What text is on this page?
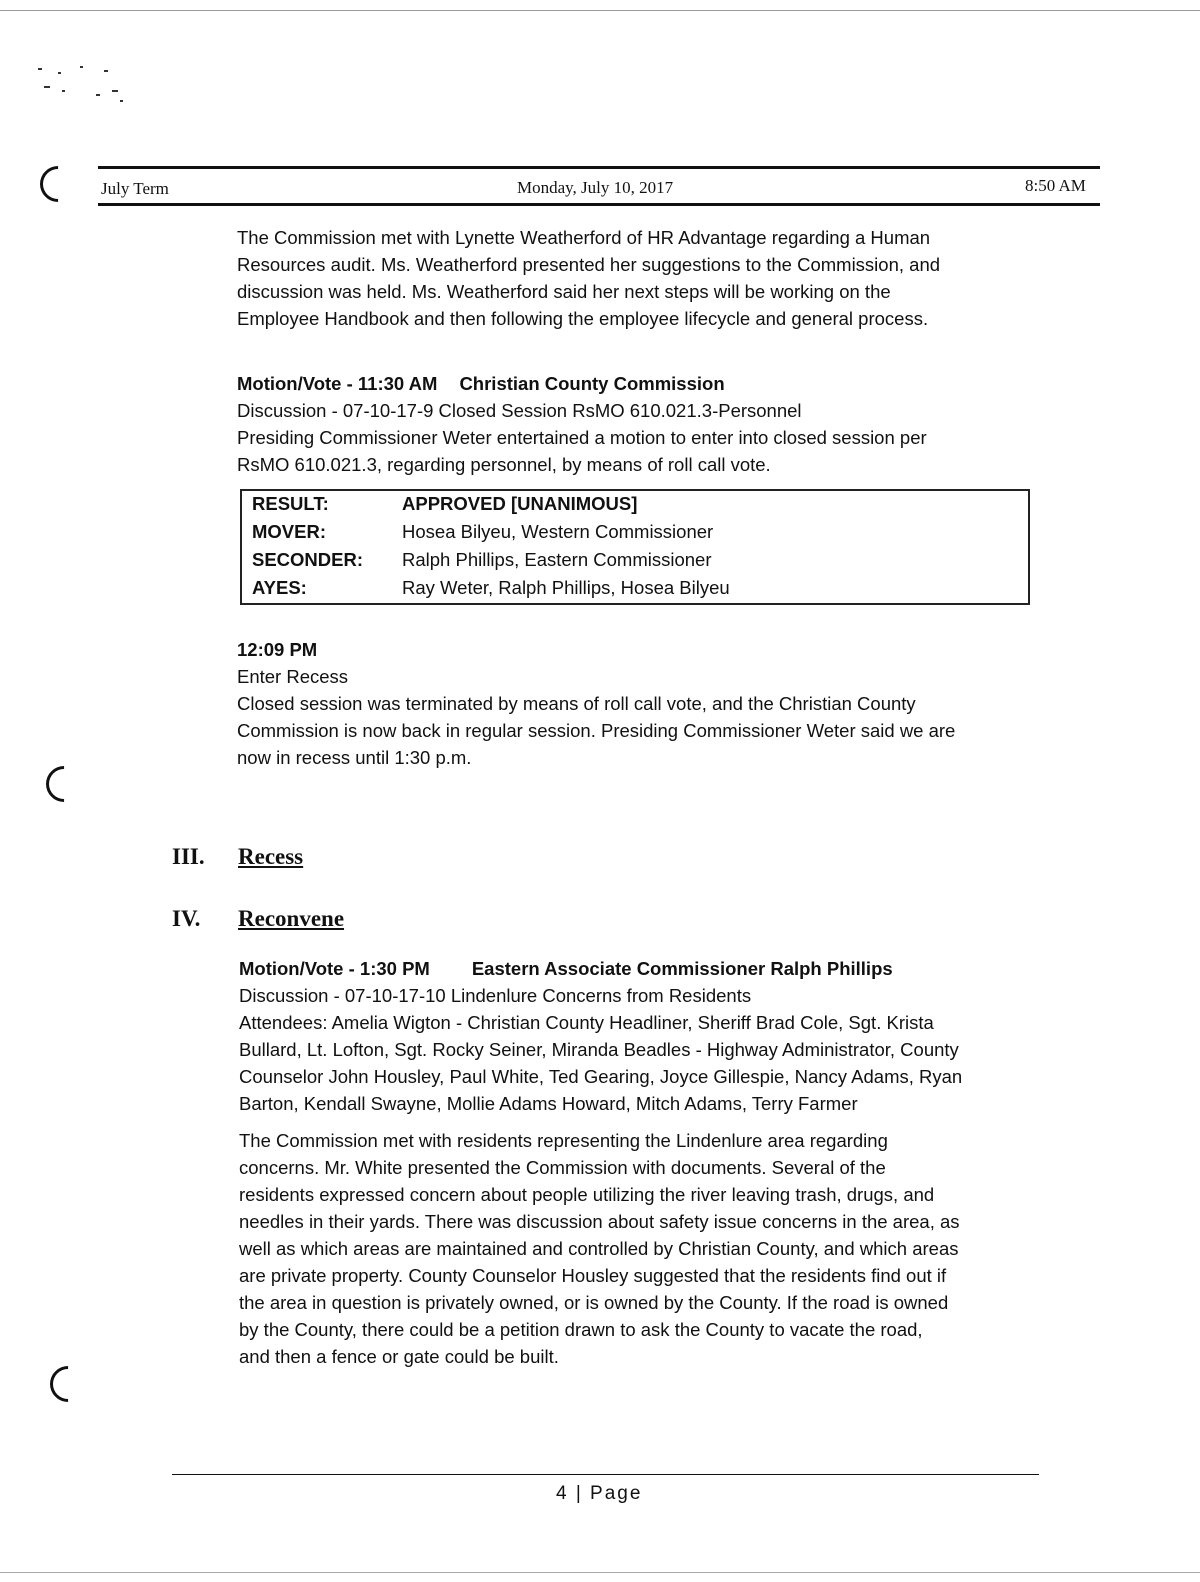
July Term	Monday, July 10, 2017	8:50 AM
The Commission met with Lynette Weatherford of HR Advantage regarding a Human
Resources audit. Ms. Weatherford presented her suggestions to the Commission, and
discussion was held. Ms. Weatherford said her next steps will be working on the
Employee Handbook and then following the employee lifecycle and general process.
Motion/Vote - 11:30 AM Christian County Commission
Discussion - 07-10-17-9 Closed Session RsMO 610.021.3-Personnel
Presiding Commissioner Weter entertained a motion to enter into closed session per
RsMO 610.021.3, regarding personnel, by means of roll call vote.
RESULT:	APPROVED [UNANIMOUS]
MOVER:	Hosea Bilyeu, Western Commissioner
SECONDER: Ralph Phillips, Eastern Commissioner
AYES:	Ray Weter, Ralph Phillips, Hosea Bilyeu
12:09 PM
Enter Recess
Closed session was terminated by means of roll call vote, and the Christian County
Commission is now back in regular session. Presiding Commissioner Weter said we are
now in recess until 1:30 p.m.
III. Recess
IV. Reconvene
Motion/Vote - 1:30 PM Eastern Associate Commissioner Ralph Phillips
Discussion - 07-10-17-10 Lindenlure Concerns from Residents
Attendees: Amelia Wigton - Christian County Headliner, Sheriff Brad Cole, Sgt. Krista
Bullard, Lt. Lofton, Sgt. Rocky Seiner, Miranda Beadles - Highway Administrator, County
Counselor John Housley, Paul White, Ted Gearing, Joyce Gillespie, Nancy Adams, Ryan
Barton, Kendall Swayne, Mollie Adams Howard, Mitch Adams, Terry Farmer
The Commission met with residents representing the Lindenlure area regarding
concerns. Mr. White presented the Commission with documents. Several of the
residents expressed concern about people utilizing the river leaving trash, drugs, and
needles in their yards. There was discussion about safety issue concerns in the area, as
well as which areas are maintained and controlled by Christian County, and which areas
are private property. County Counselor Housley suggested that the residents find out if
the area in question is privately owned, or is owned by the County. If the road is owned
by the County, there could be a petition drawn to ask the County to vacate the road,
and then a fence or gate could be built.
4 | Page
